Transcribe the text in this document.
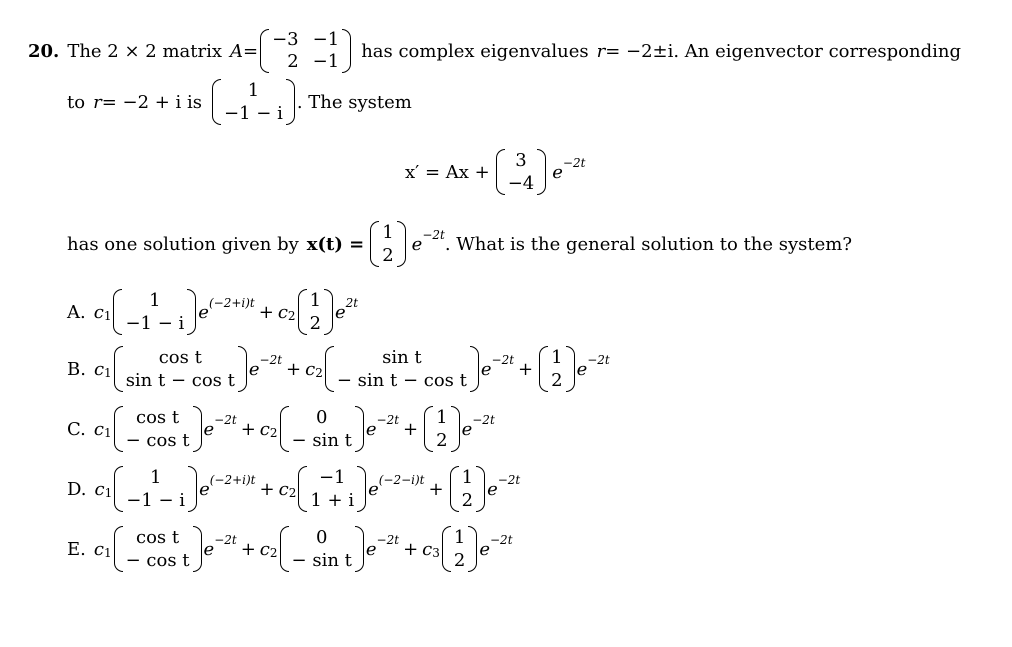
20. The 2 × 2 matrix A =
−3 −1
2 −1 has complex eigenvalues r = −2±i. An eigenvector corresponding
to r = −2 + i is
1
−1 − i
. The system
x′ = Ax +
3
−4
e −2t
has one solution given by x(t) =
1
2
e −2t . What is the general solution to the system?
A. c 1
1
−1 − i
e (−2+i)t + c 2
1
2
e 2t
B. c 1
cos t
sin t − cos t
e −2t + c 2
sin t
− sin t − cos t
e −2t +
1
2
e −2t
C. c 1
cos t
− cos t
e −2t + c 2
0
− sin t
e −2t +
1
2
e −2t
D. c 1
1
−1 − i
e (−2+i)t + c 2
−1
1 + i
e (−2−i)t +
1
2
e −2t
E. c 1
cos t
− cos t
e −2t + c 2
0
− sin t
e −2t + c 3
1
2
e −2t
